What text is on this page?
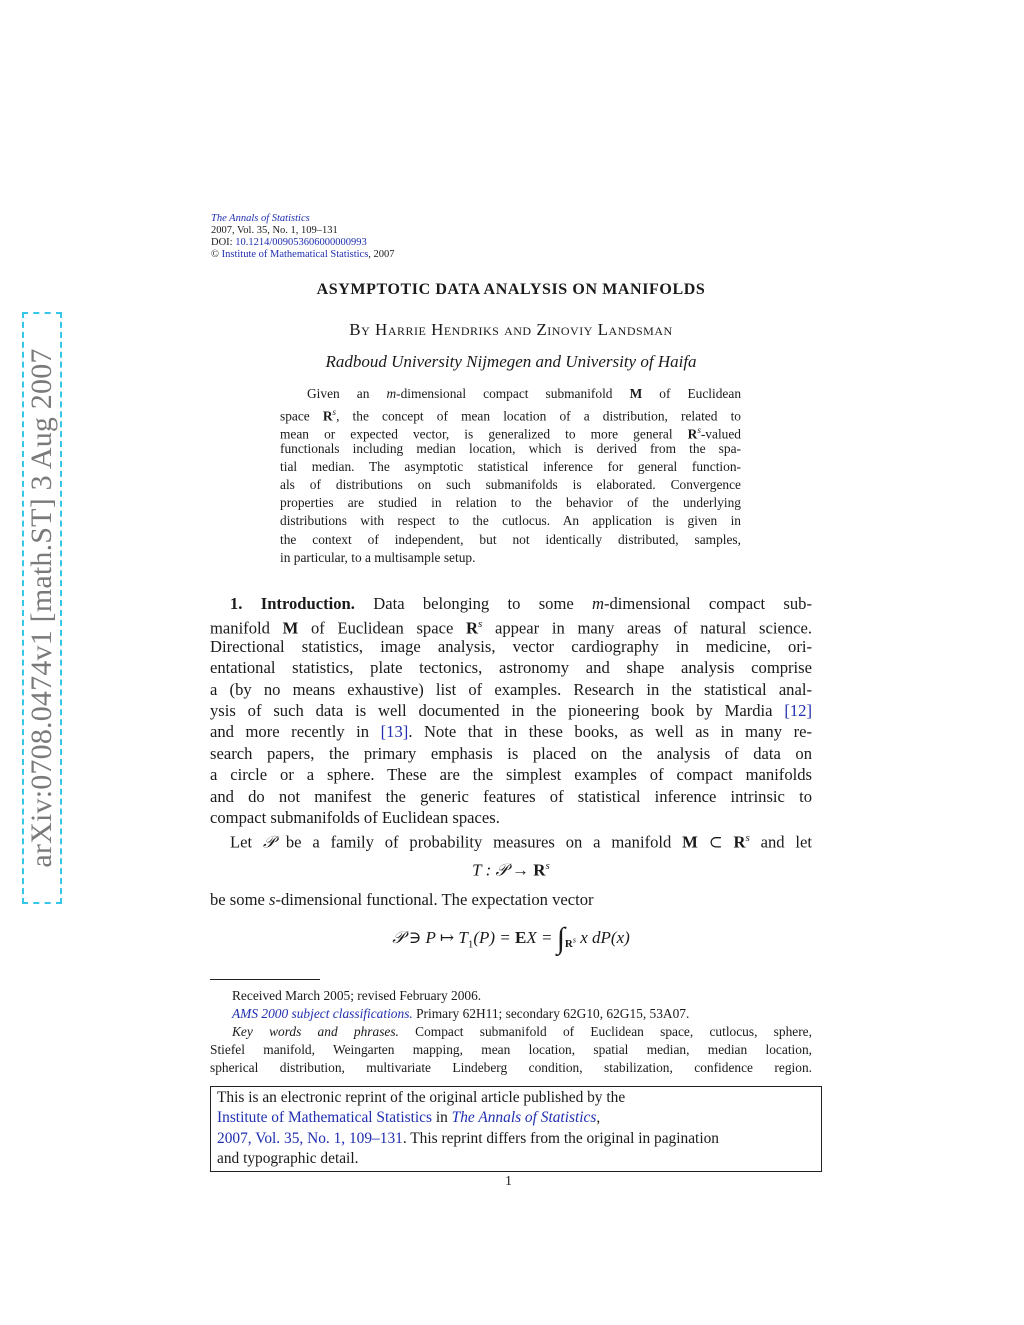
arXiv:0708.0474v1 [math.ST] 3 Aug 2007
The Annals of Statistics
2007, Vol. 35, No. 1, 109–131
DOI: 10.1214/009053606000000993
© Institute of Mathematical Statistics, 2007
ASYMPTOTIC DATA ANALYSIS ON MANIFOLDS
By Harrie Hendriks and Zinoviy Landsman
Radboud University Nijmegen and University of Haifa
Given an m-dimensional compact submanifold M of Euclidean
space $R^s$, the concept of mean location of a distribution, related to
mean or expected vector, is generalized to more general $R^s$-valued
functionals including median location, which is derived from the spa-
tial median. The asymptotic statistical inference for general function-
als of distributions on such submanifolds is elaborated. Convergence
properties are studied in relation to the behavior of the underlying
distributions with respect to the cutlocus. An application is given in
the context of independent, but not identically distributed, samples,
in particular, to a multisample setup.
1. Introduction. Data belonging to some m-dimensional compact sub-
manifold M of Euclidean space $R^s$ appear in many areas of natural science.
Directional statistics, image analysis, vector cardiography in medicine, ori-
entational statistics, plate tectonics, astronomy and shape analysis comprise
a (by no means exhaustive) list of examples. Research in the statistical anal-
ysis of such data is well documented in the pioneering book by Mardia [12]
and more recently in [13]. Note that in these books, as well as in many re-
search papers, the primary emphasis is placed on the analysis of data on
a circle or a sphere. These are the simplest examples of compact manifolds
and do not manifest the generic features of statistical inference intrinsic to
compact submanifolds of Euclidean spaces.
Let 𝒫 be a family of probability measures on a manifold M ⊂ $R^s$ and let
T : 𝒫 → $R^s$
be some s-dimensional functional. The expectation vector
𝒫 ∋ P ↦ $T_1(P)$ = EX = $\int_{R^s}$ x dP(x)
Received March 2005; revised February 2006.
AMS 2000 subject classifications. Primary 62H11; secondary 62G10, 62G15, 53A07.
Key words and phrases. Compact submanifold of Euclidean space, cutlocus, sphere,
Stiefel manifold, Weingarten mapping, mean location, spatial median, median location,
spherical distribution, multivariate Lindeberg condition, stabilization, confidence region.
This is an electronic reprint of the original article published by the
Institute of Mathematical Statistics in The Annals of Statistics,
2007, Vol. 35, No. 1, 109–131. This reprint differs from the original in pagination
and typographic detail.
1
